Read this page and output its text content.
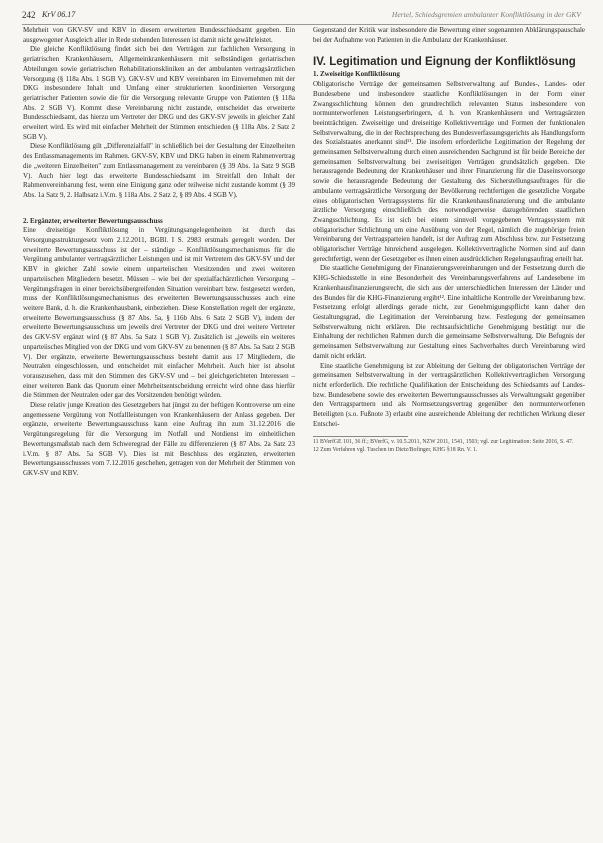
242 KrV 06.17	Hertel, Schiedsgremien ambulanter Konfliktlösung in der GKV

Mehrheit von GKV-SV und KBV in diesem erweiterten Bundesschiedsamt gegeben. Ein ausgewogener Ausgleich aller in Rede stehenden Interessen ist damit nicht gewährleistet.

Die gleiche Konfliktlösung findet sich bei den Verträgen zur fachlichen Versorgung in geriatrischen Krankenhäusern, Allgemeinkrankenhäusern mit selbständigen geriatrischen Abteilungen sowie geriatrischen Rehabilitationskliniken an der ambulanten vertragsärztlichen Versorgung (§ 118a Abs. 1 SGB V). GKV-SV und KBV vereinbaren im Einvernehmen mit der DKG insbesondere Inhalt und Umfang einer strukturierten koordinierten Versorgung geriatrischer Patienten sowie die für die Versorgung relevante Gruppe von Patienten (§ 118a Abs. 2 SGB V). Kommt diese Vereinbarung nicht zustande, entscheidet das erweiterte Bundesschiedsamt, das hierzu um Vertreter der DKG und des GKV-SV jeweils in gleicher Zahl erweitert wird. Es wird mit einfacher Mehrheit der Stimmen entschieden (§ 118a Abs. 2 Satz 2 SGB V).

Diese Konfliktlösung gilt „Differenzialfall" in schließlich bei der Gestaltung der Einzelheiten des Entlassmanagements im Rahmen. GKV-SV, KBV und DKG haben in einem Rahmenvertrag die „weiteren Einzelheiten" zum Entlassmanagement zu vereinbaren (§ 39 Abs. 1a Satz 9 SGB V). Auch hier legt das erweiterte Bundesschiedsamt im Streitfall den Inhalt der Rahmenvereinbarung fest, wenn eine Einigung ganz oder teilweise nicht zustande kommt (§ 39 Abs. 1a Satz 9, 2. Halbsatz i.V.m. § 118a Abs. 2 Satz 2, § 89 Abs. 4 SGB V).

2. Ergänzter, erweiterter Bewertungsausschuss

Eine dreiseitige Konfliktlösung in Vergütungsangelegenheiten ist durch das Versorgungsstrukturgesetz vom 2.12.2011, BGBl. I S. 2983 erstmals geregelt worden. Der erweiterte Bewertungsausschuss ist der – ständige – Konfliktlösungsmechanismus für die Vergütung ambulanter vertragsärztlicher Leistungen und ist mit Vertretern des GKV-SV und der KBV in gleicher Zahl sowie einem unparteiischen Vorsitzenden und zwei weiteren unparteiischen Mitgliedern besetzt. Müssen – wie bei der spezialfachärztlichen Versorgung – Vergütungsfragen in einer bereichsübergreifenden Situation vereinbart bzw. festgesetzt werden, muss der Konfliktlösungsmechanismus des erweiterten Bewertungsausschusses auch eine weitere Bank, d. h. die Krankenhausbank, einbeziehen. Diese Konstellation regelt der ergänzte, erweiterte Bewertungsausschuss (§ 87 Abs. 5a, § 116b Abs. 6 Satz 2 SGB V), indem der erweiterte Bewertungsausschuss um jeweils drei Vertreter der DKG und drei weitere Vertreter des GKV-SV ergänzt wird (§ 87 Abs. 5a Satz 1 SGB V). Zusätzlich ist „jeweils ein weiteres unparteiisches Mitglied von der DKG und vom GKV-SV zu benennen (§ 87 Abs. 5a Satz 2 SGB V). Der ergänzte, erweiterte Bewertungsausschuss besteht damit aus 17 Mitgliedern, die Neutralen eingeschlossen, und entscheidet mit einfacher Mehrheit. Auch hier ist absolut vorauszusehen, dass mit den Stimmen des GKV-SV und – bei gleichgerichteten Interessen – einer weiteren Bank das Quorum einer Mehrheitsentscheidung erreicht wird ohne dass hierfür die Stimmen der Neutralen oder gar des Vorsitzenden benötigt würden.

Diese relativ junge Kreation des Gesetzgebers hat jüngst zu der heftigen Kontroverse um eine angemessene Vergütung von Notfallleistungen von Krankenhäusern der Anlass gegeben. Der ergänzte, erweiterte Bewertungsausschuss kann eine Auftrag ihn zum 31.12.2016 die Vergütungsregelung für die Versorgung im Notfall und Notdienst im einheitlichen Bewertungsmaßstab nach dem Schweregrad der Fälle zu differenzieren (§ 87 Abs. 2a Satz 23 i.V.m. § 87 Abs. 5a SGB V). Dies ist mit Beschluss des ergänzten, erweiterten Bewertungsausschusses vom 7.12.2016 geschehen, getragen von der Mehrheit der Stimmen von GKV-SV und KBV.

Gegenstand der Kritik war insbesondere die Bewertung einer sogenannten Abklärungspauschale bei der Aufnahme von Patienten in die Ambulanz der Krankenhäuser.

IV. Legitimation und Eignung der Konfliktlösung
1. Zweiseitige Konfliktlösung

Obligatorische Verträge der gemeinsamen Selbstverwaltung auf Bundes-, Landes- oder Bundesebene und insbesondere staatliche Konfliktlösungen in der Form einer Zwangsschlichtung können den grundrechtlich relevanten Status insbesondere von normunterworfenen Leistungserbringern, d. h. von Krankenhäusern und Vertragsärzten beeinträchtigen. Zweiseitige und dreiseitige Kollektivverträge und Formen der funktionalen Selbstverwaltung, die in der Rechtsprechung des Bundesverfassungsgerichts als Handlungsform des Sozialstaates anerkannt sind¹¹. Die insofern erforderliche Legitimation der Regelung der gemeinsamen Selbstverwaltung durch einen ausreichenden Sachgrund ist für beide Bereiche der gemeinsamen Selbstverwaltung bei zweiseitigen Verträgen grundsätzlich gegeben. Die herausragende Bedeutung der Krankenhäuser und ihrer Finanzierung für die Daseinsvorsorge sowie die herausragende Bedeutung der Gestaltung des Sicherstellungsauftrages für die ambulante vertragsärztliche Versorgung der Bevölkerung rechtfertigen die gesetzliche Vorgabe eines obligatorischen Vertragssystems für die Krankenhausfinanzierung und die ambulante ärztliche Versorgung einschließlich des notwendigerweise dazugehörenden staatlichen Zwangsschlichtung. Es ist sich bei einem sinnvoll vorgegebenen Vertragssystem mit obligatorischer Schlichtung um eine Ausübung von der Regel, nämlich die zugehörige freien Vereinbarung der Vertragsparteien handelt, ist der Auftrag zum Abschluss bzw. zur Festsetzung obligatorischer Verträge hinreichend ausgelegen. Kollektivvertragliche Normen sind auf dann gerechtfertigt, wenn der Gesetzgeber es ihnen einen ausdrücklichen Regelungsauftrag erteilt hat.

Die staatliche Genehmigung der Finanzierungsvereinbarungen und der Festsetzung durch die KHG-Schiedsstelle in eine Besonderheit des Vereinbarungsverfahrens auf Landesebene im Krankenhausfinanzierungsrecht, die sich aus der unterschiedlichen Interessen der Länder und des Bundes für die KHG-Finanzierung ergibt¹². Eine inhaltliche Kontrolle der Vereinbarung bzw. Festsetzung erfolgt allerdings gerade nicht, zur Genehmigungspflicht kann daher den Gestaltungsgrad, die Legitimation der Vereinbarung bzw. Festlegung der gemeinsamen Selbstverwaltung nicht erklären. Die rechtsaufsichtliche Genehmigung bestätigt nur die Einhaltung der rechtlichen Rahmen durch die gemeinsame Selbstverwaltung. Die Befugnis der gemeinsamen Selbstverwaltung zur Gestaltung eines Sachverhaltes durch Vereinbarung wird damit nicht erklärt.

Eine staatliche Genehmigung ist zur Ableitung der Geltung der obligatorischen Verträge der gemeinsamen Selbstverwaltung in der vertragsärztlichen Kollektivvertraglichen Versorgung nicht erforderlich. Die rechtliche Qualifikation der Entscheidung des Schiedsamts auf Landes- bzw. Bundesebene sowie des erweiterten Bewertungsausschusses als Verwaltungsakt gegenüber den Vertragspartnern und als Normsetzungsvertrag gegenüber den normunterworfenen Beteiligten (s.o. Fußnote 3) erlaubt eine ausreichende Ableitung der rechtlichen Wirkung dieser Entschei-

11 BVerfGE 101, 36 ff.; BVerfG, v. 10.5.2011, NZW 2011, 1541, 1503; vgl. zur Legitimation: Seite 2016, S. 47.

12 Zum Verfahren vgl. Tuschen im Dietz/Bofinger, KHG §18 Rn. V. 1.
